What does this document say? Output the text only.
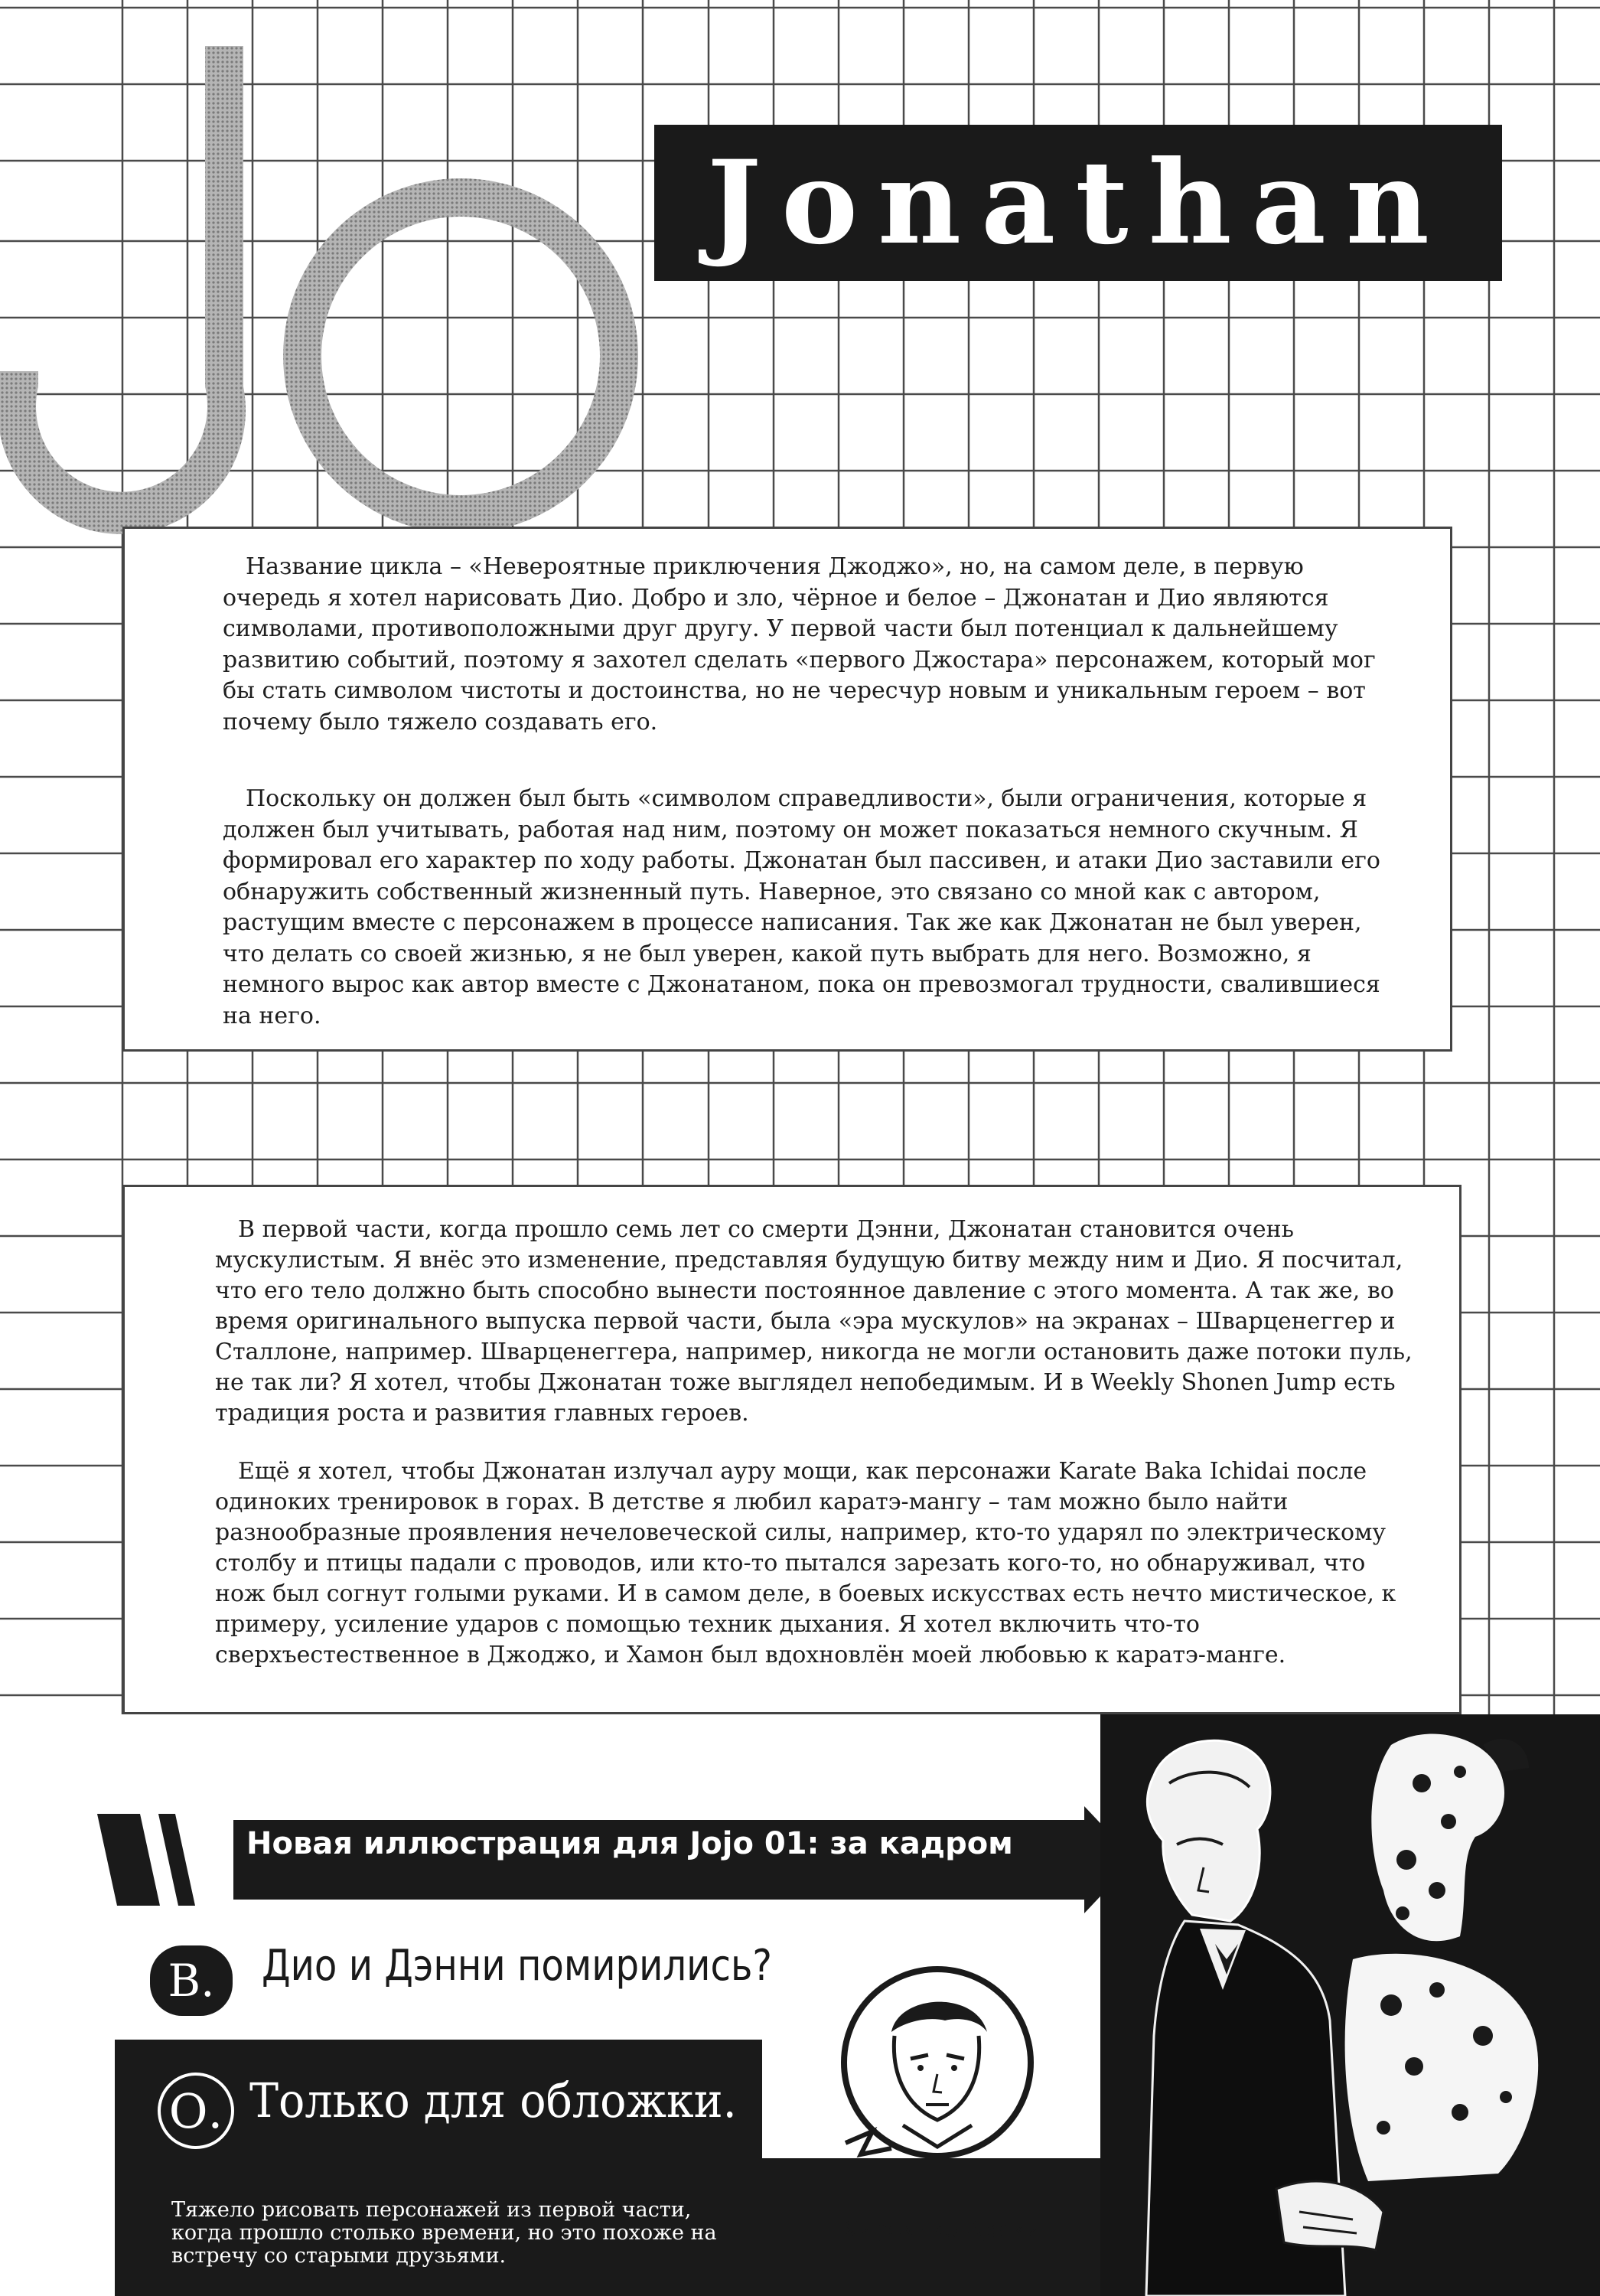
Jonathan

Название цикла – «Невероятные приключения Джоджо», но, на самом деле, в первую очередь я хотел нарисовать Дио. Добро и зло, чёрное и белое – Джонатан и Дио являются символами, противоположными друг другу. У первой части был потенциал к дальнейшему развитию событий, поэтому я захотел сделать «первого Джостара» персонажем, который мог бы стать символом чистоты и достоинства, но не чересчур новым и уникальным героем – вот почему было тяжело создавать его.

Поскольку он должен был быть «символом справедливости», были ограничения, которые я должен был учитывать, работая над ним, поэтому он может показаться немного скучным. Я формировал его характер по ходу работы. Джонатан был пассивен, и атаки Дио заставили его обнаружить собственный жизненный путь. Наверное, это связано со мной как с автором, растущим вместе с персонажем в процессе написания. Так же как Джонатан не был уверен, что делать со своей жизнью, я не был уверен, какой путь выбрать для него. Возможно, я немного вырос как автор вместе с Джонатаном, пока он превозмогал трудности, свалившиеся на него.

В первой части, когда прошло семь лет со смерти Дэнни, Джонатан становится очень мускулистым. Я внёс это изменение, представляя будущую битву между ним и Дио. Я посчитал, что его тело должно быть способно вынести постоянное давление с этого момента. А так же, во время оригинального выпуска первой части, была «эра мускулов» на экранах – Шварценеггер и Сталлоне, например. Шварценеггера, например, никогда не могли остановить даже потоки пуль, не так ли? Я хотел, чтобы Джонатан тоже выглядел непобедимым. И в Weekly Shonen Jump есть традиция роста и развития главных героев.

Ещё я хотел, чтобы Джонатан излучал ауру мощи, как персонажи Karate Baka Ichidai после одиноких тренировок в горах. В детстве я любил каратэ-мангу – там можно было найти разнообразные проявления нечеловеческой силы, например, кто-то ударял по электрическому столбу и птицы падали с проводов, или кто-то пытался зарезать кого-то, но обнаруживал, что нож был согнут голыми руками. И в самом деле, в боевых искусствах есть нечто мистическое, к примеру, усиление ударов с помощью техник дыхания. Я хотел включить что-то сверхъестественное в Джоджо, и Хамон был вдохновлён моей любовью к каратэ-манге.

Новая иллюстрация для Jojo 01: за кадром
В.	Дио и Дэнни помирились?
О. Только для обложки.

Тяжело рисовать персонажей из первой части, когда прошло столько времени, но это похоже на встречу со старыми друзьями.

Хирохико Араки
